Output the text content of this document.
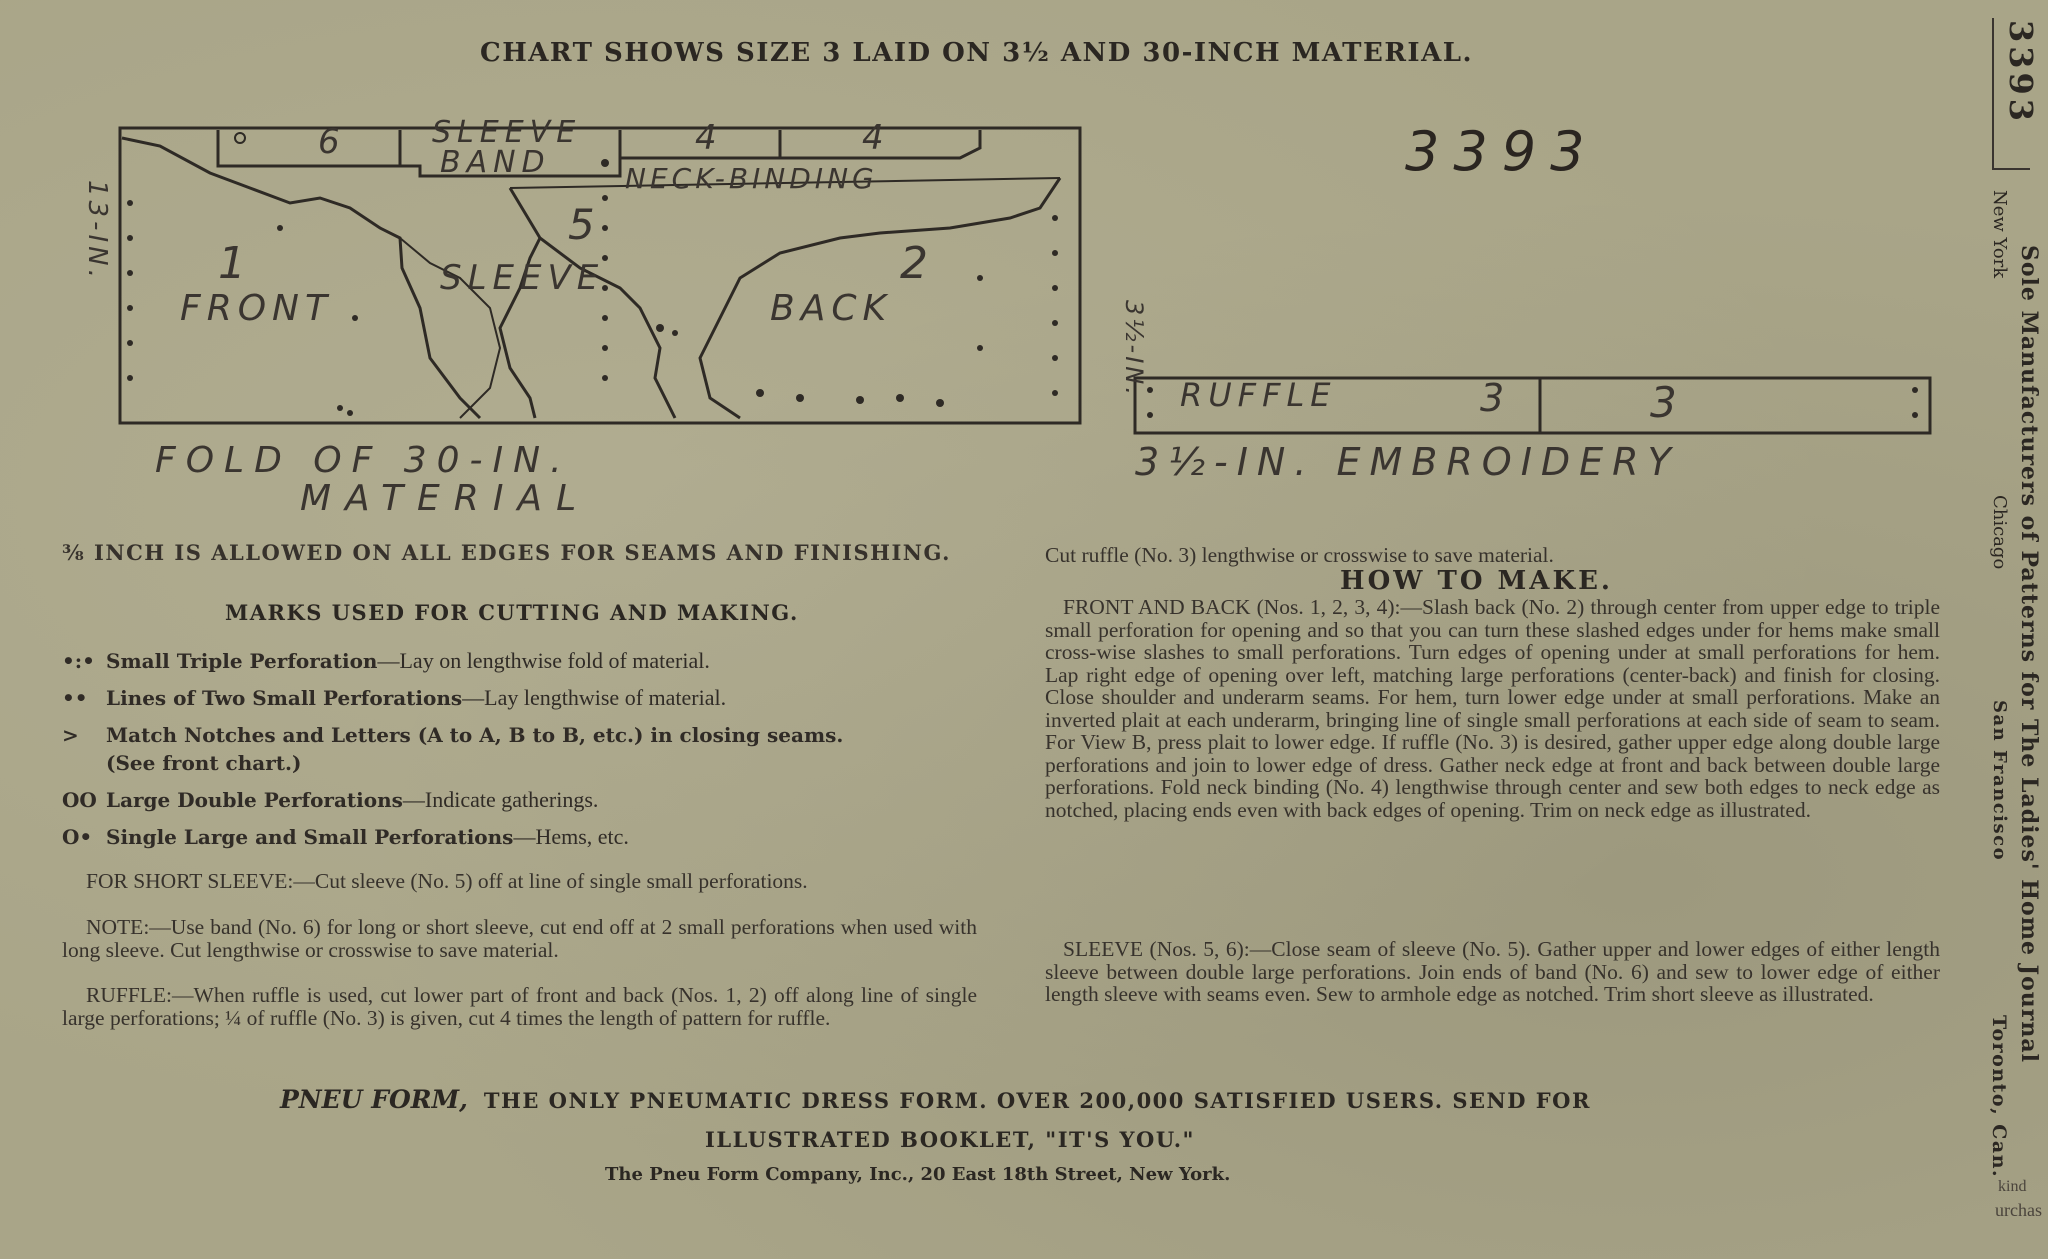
CHART SHOWS SIZE 3 LAID ON 3½ AND 30-INCH MATERIAL.
3393
6	SLEEVE
BAND
4	4
NECK-BINDING
5
SLEEVE
1
FRONT
2
BACK
FOLD OF 30-IN.
MATERIAL
13-IN.
RUFFLE	3	3
3½-IN.
3½-IN. EMBROIDERY
⅜ INCH IS ALLOWED ON ALL EDGES FOR SEAMS AND FINISHING.
MARKS USED FOR CUTTING AND MAKING.
•:• Small Triple Perforation—Lay on lengthwise fold of material.
•• Lines of Two Small Perforations—Lay lengthwise of material.
> Match Notches and Letters (A to A, B to B, etc.) in closing seams.
(See front chart.)
OO Large Double Perforations—Indicate gatherings.
O• Single Large and Small Perforations—Hems, etc.
FOR SHORT SLEEVE:—Cut sleeve (No. 5) off at line of single small perforations.
NOTE:—Use band (No. 6) for long or short sleeve, cut end off at 2 small perforations when used with long sleeve. Cut lengthwise or crosswise to save material.
RUFFLE:—When ruffle is used, cut lower part of front and back (Nos. 1, 2) off along line of single large perforations; ¼ of ruffle (No. 3) is given, cut 4 times the length of pattern for ruffle.
Cut ruffle (No. 3) lengthwise or crosswise to save material.
HOW TO MAKE.
FRONT AND BACK (Nos. 1, 2, 3, 4):—Slash back (No. 2) through center from upper edge to triple small perforation for opening and so that you can turn these slashed edges under for hems make small cross-wise slashes to small perforations. Turn edges of opening under at small perforations for hem. Lap right edge of opening over left, matching large perforations (center-back) and finish for closing. Close shoulder and underarm seams. For hem, turn lower edge under at small perforations. Make an inverted plait at each underarm, bringing line of single small perforations at each side of seam to seam. For View B, press plait to lower edge. If ruffle (No. 3) is desired, gather upper edge along double large perforations and join to lower edge of dress. Gather neck edge at front and back between double large perforations. Fold neck binding (No. 4) lengthwise through center and sew both edges to neck edge as notched, placing ends even with back edges of opening. Trim on neck edge as illustrated.
SLEEVE (Nos. 5, 6):—Close seam of sleeve (No. 5). Gather upper and lower edges of either length sleeve between double large perforations. Join ends of band (No. 6) and sew to lower edge of either length sleeve with seams even. Sew to armhole edge as notched. Trim short sleeve as illustrated.
PNEU FORM, THE ONLY PNEUMATIC DRESS FORM. OVER 200,000 SATISFIED USERS. SEND FOR
ILLUSTRATED BOOKLET, "IT'S YOU."
The Pneu Form Company, Inc., 20 East 18th Street, New York.
3393
Sole Manufacturers of Patterns for The Ladies' Home Journal
New York
Chicago
San Francisco
Toronto, Can.
kind
urchas
